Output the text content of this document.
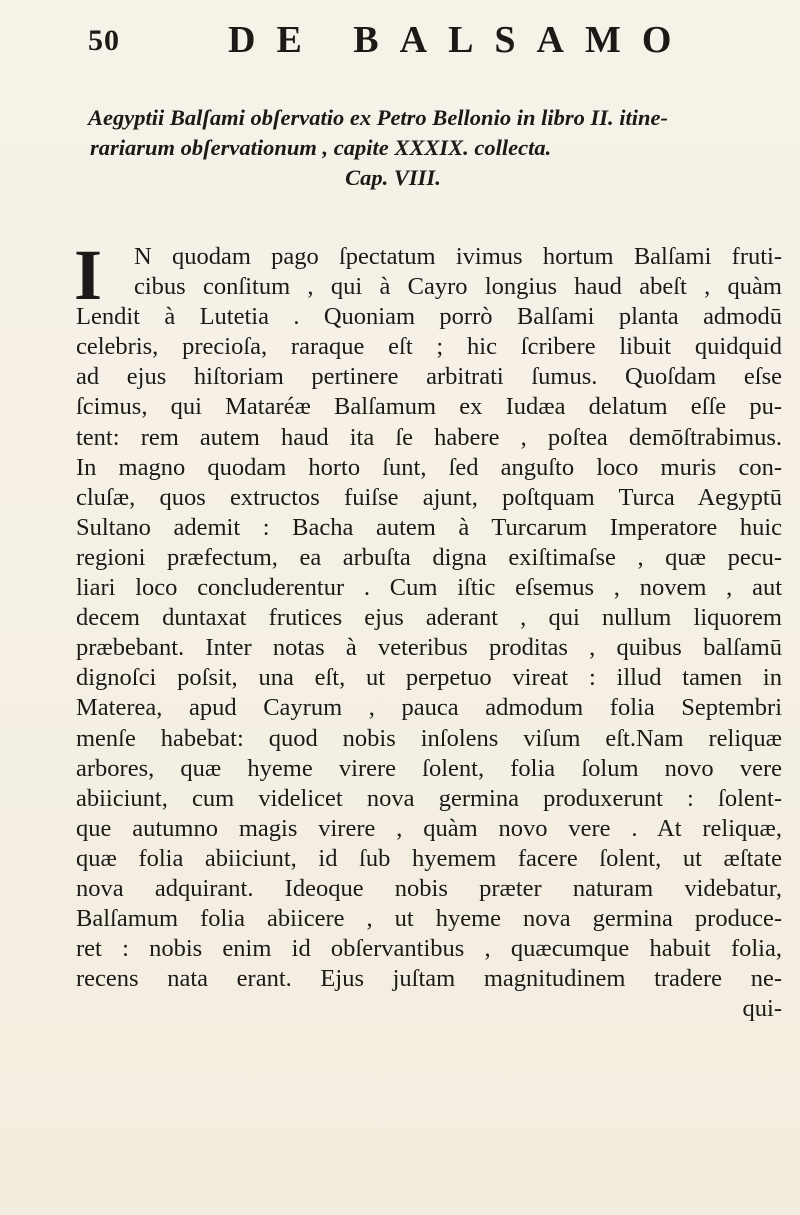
50	DE BALSAMO
Aegyptii Balſami obſervatio ex Petro Bellonio in libro II. itine-
rariarum obſervationum , capite XXXIX. collecta.
Cap. VIII.
I	N quodam pago ſpectatum ivimus hortum Balſami fruti-
cibus conſitum , qui à Cayro longius haud abeſt , quàm
Lendit à Lutetia . Quoniam porrò Balſami planta admodū
celebris, precioſa, raraque eſt ; hic ſcribere libuit quidquid
ad ejus hiſtoriam pertinere arbitrati ſumus. Quoſdam eſse
ſcimus, qui Mataréæ Balſamum ex Iudæa delatum eſſe pu-
tent: rem autem haud ita ſe habere , poſtea demōſtrabimus.
In magno quodam horto ſunt, ſed anguſto loco muris con-
cluſæ, quos extructos fuiſse ajunt, poſtquam Turca Aegyptū
Sultano ademit : Bacha autem à Turcarum Imperatore huic
regioni præfectum, ea arbuſta digna exiſtimaſse , quæ pecu-
liari loco concluderentur . Cum iſtic eſsemus , novem , aut
decem duntaxat frutices ejus aderant , qui nullum liquorem
præbebant. Inter notas à veteribus proditas , quibus balſamū
dignoſci poſsit, una eſt, ut perpetuo vireat : illud tamen in
Materea, apud Cayrum , pauca admodum folia Septembri
menſe habebat: quod nobis inſolens viſum eſt.Nam reliquæ
arbores, quæ hyeme virere ſolent, folia ſolum novo vere
abiiciunt, cum videlicet nova germina produxerunt : ſolent-
que autumno magis virere , quàm novo vere . At reliquæ,
quæ folia abiiciunt, id ſub hyemem facere ſolent, ut æſtate
nova adquirant. Ideoque nobis præter naturam videbatur,
Balſamum folia abiicere , ut hyeme nova germina produce-
ret : nobis enim id obſervantibus , quæcumque habuit folia,
recens nata erant. Ejus juſtam magnitudinem tradere ne-
qui-
